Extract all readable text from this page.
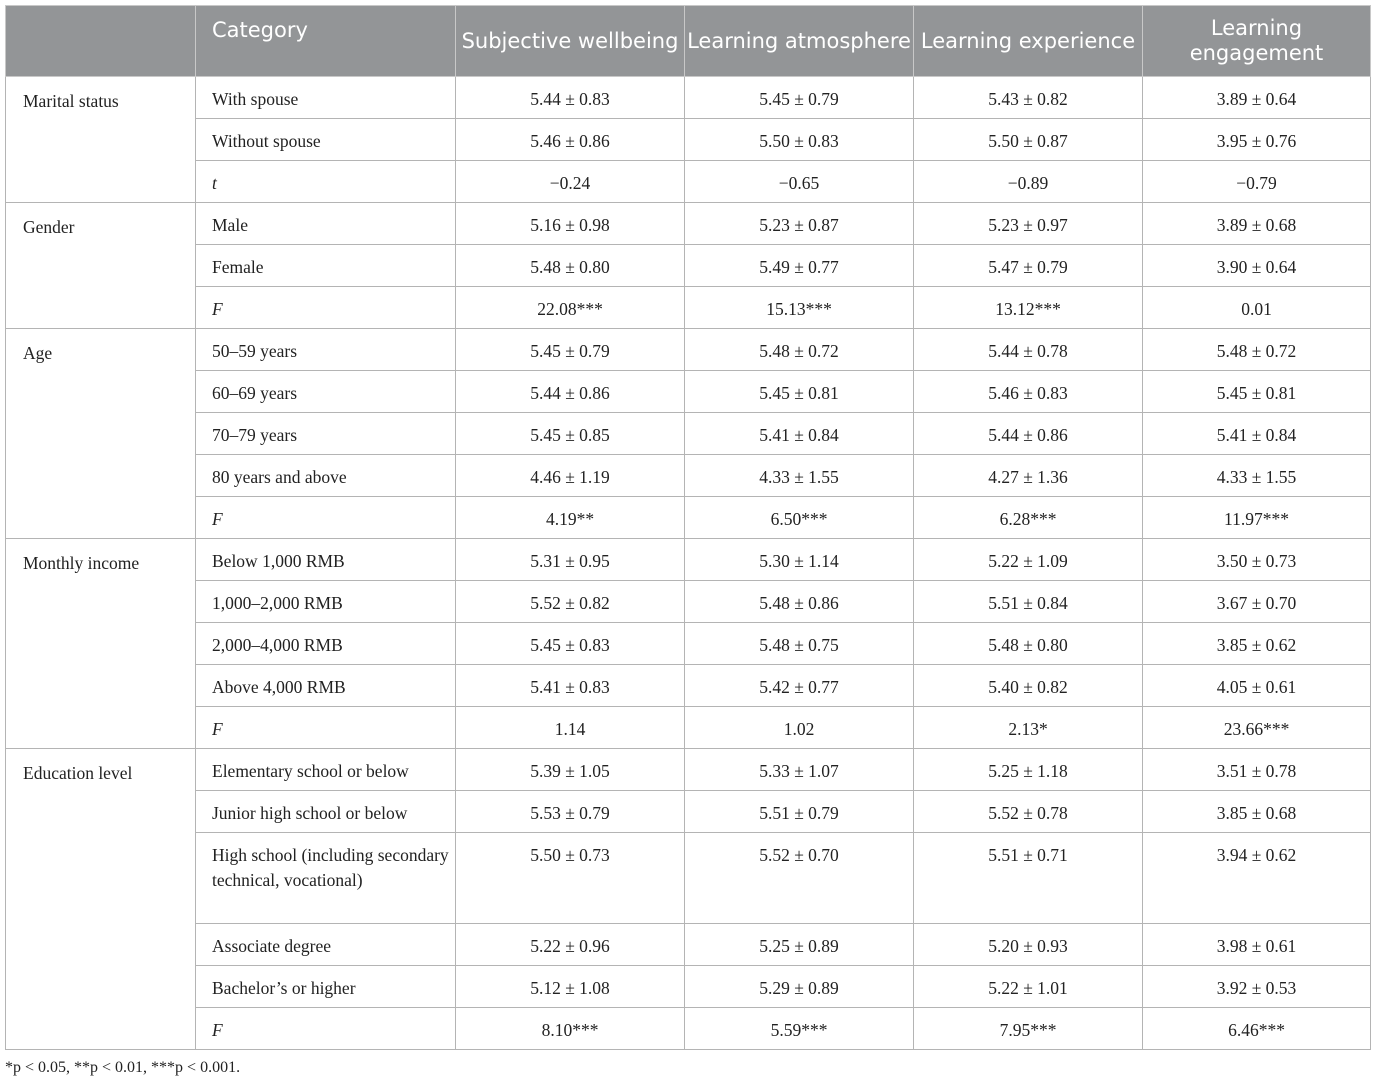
	Category	Subjective wellbeing	Learning atmosphere	Learning experience	Learning engagement
Marital status	With spouse	5.44 ± 0.83	5.45 ± 0.79	5.43 ± 0.82	3.89 ± 0.64
	Without spouse	5.46 ± 0.86	5.50 ± 0.83	5.50 ± 0.87	3.95 ± 0.76
	t	−0.24	−0.65	−0.89	−0.79
Gender	Male	5.16 ± 0.98	5.23 ± 0.87	5.23 ± 0.97	3.89 ± 0.68
	Female	5.48 ± 0.80	5.49 ± 0.77	5.47 ± 0.79	3.90 ± 0.64
	F	22.08***	15.13***	13.12***	0.01
Age	50–59 years	5.45 ± 0.79	5.48 ± 0.72	5.44 ± 0.78	5.48 ± 0.72
	60–69 years	5.44 ± 0.86	5.45 ± 0.81	5.46 ± 0.83	5.45 ± 0.81
	70–79 years	5.45 ± 0.85	5.41 ± 0.84	5.44 ± 0.86	5.41 ± 0.84
	80 years and above	4.46 ± 1.19	4.33 ± 1.55	4.27 ± 1.36	4.33 ± 1.55
	F	4.19**	6.50***	6.28***	11.97***
Monthly income	Below 1,000 RMB	5.31 ± 0.95	5.30 ± 1.14	5.22 ± 1.09	3.50 ± 0.73
	1,000–2,000 RMB	5.52 ± 0.82	5.48 ± 0.86	5.51 ± 0.84	3.67 ± 0.70
	2,000–4,000 RMB	5.45 ± 0.83	5.48 ± 0.75	5.48 ± 0.80	3.85 ± 0.62
	Above 4,000 RMB	5.41 ± 0.83	5.42 ± 0.77	5.40 ± 0.82	4.05 ± 0.61
	F	1.14	1.02	2.13*	23.66***
Education level	Elementary school or below	5.39 ± 1.05	5.33 ± 1.07	5.25 ± 1.18	3.51 ± 0.78
	Junior high school or below	5.53 ± 0.79	5.51 ± 0.79	5.52 ± 0.78	3.85 ± 0.68
	High school (including secondary technical, vocational)	5.50 ± 0.73	5.52 ± 0.70	5.51 ± 0.71	3.94 ± 0.62
	Associate degree	5.22 ± 0.96	5.25 ± 0.89	5.20 ± 0.93	3.98 ± 0.61
	Bachelor’s or higher	5.12 ± 1.08	5.29 ± 0.89	5.22 ± 1.01	3.92 ± 0.53
	F	8.10***	5.59***	7.95***	6.46***
*p < 0.05, **p < 0.01, ***p < 0.001.
